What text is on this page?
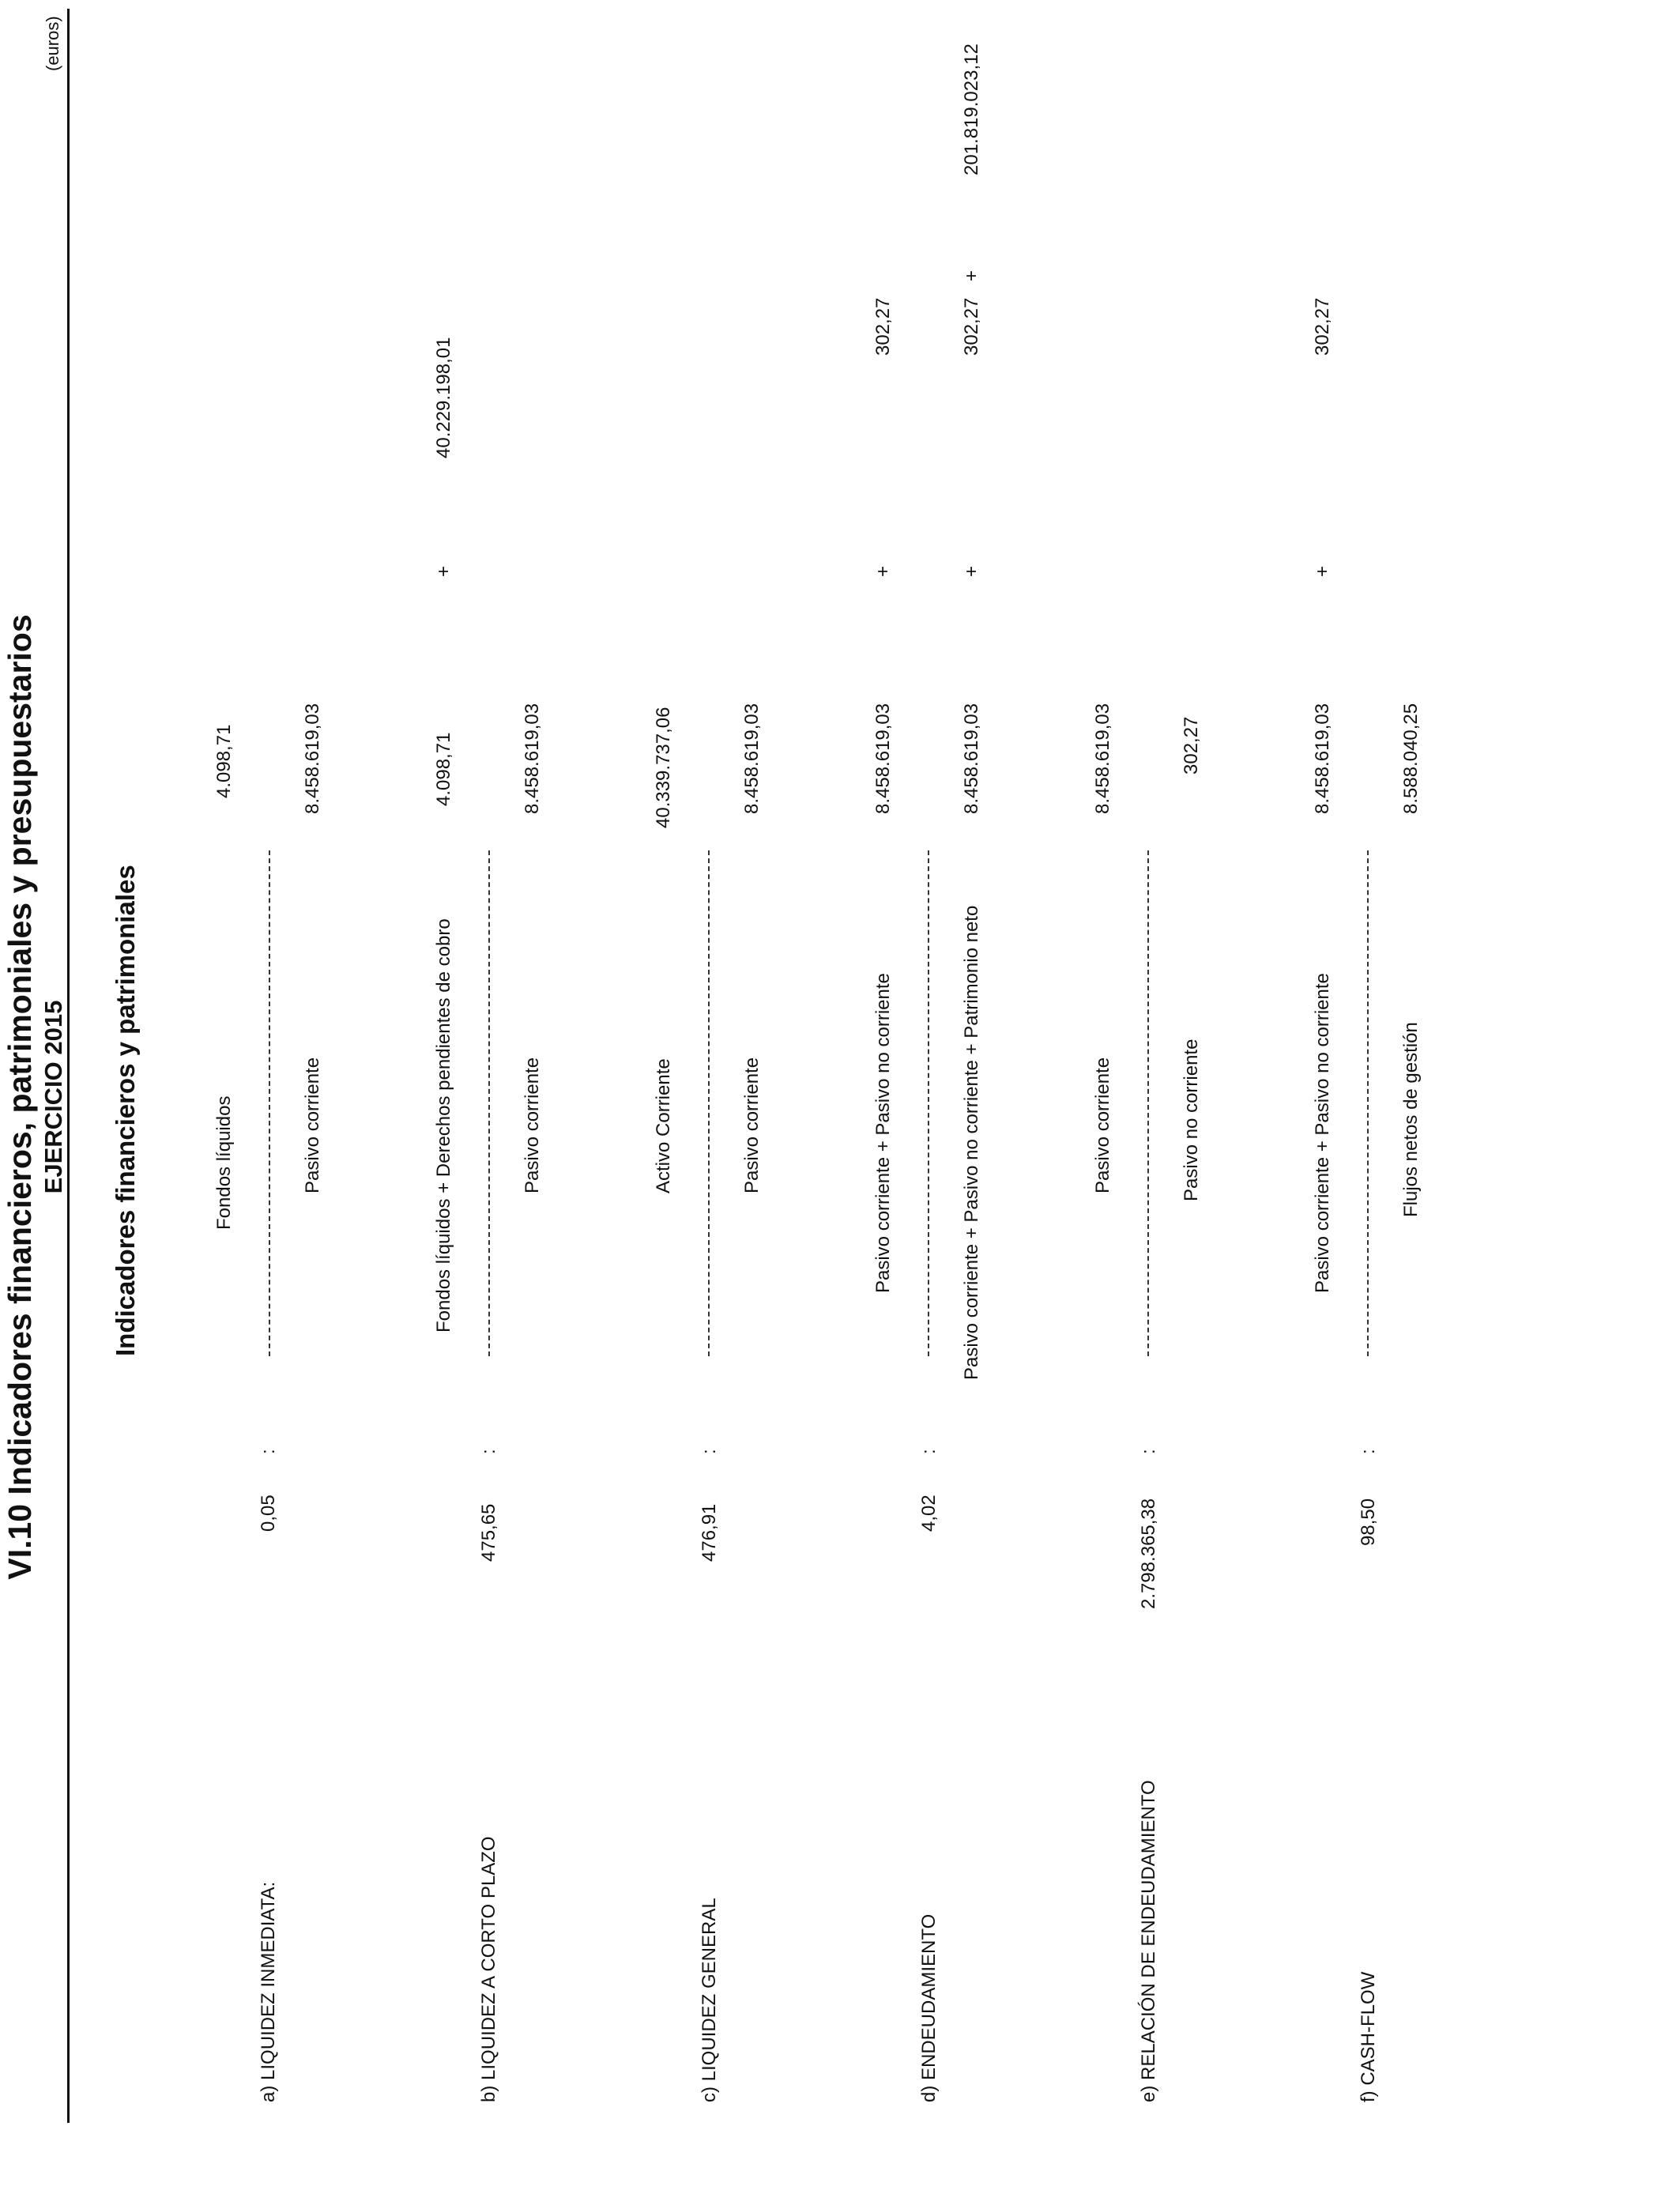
VI.10 Indicadores financieros, patrimoniales y presupuestarios EJERCICIO 2015
(euros)
Indicadores financieros y patrimoniales
a) LIQUIDEZ INMEDIATA:
0,05
:
Fondos líquidos
4.098,71
Pasivo corriente
8.458.619,03
b) LIQUIDEZ A CORTO PLAZO
475,65
:
Fondos líquidos + Derechos pendientes de cobro
4.098,71
+
40.229.198,01
Pasivo corriente
8.458.619,03
c) LIQUIDEZ GENERAL
476,91
:
Activo Corriente
40.339.737,06
Pasivo corriente
8.458.619,03
d) ENDEUDAMIENTO
4,02
:
Pasivo corriente + Pasivo no corriente
8.458.619,03
+
302,27
Pasivo corriente + Pasivo no corriente + Patrimonio neto
8.458.619,03
+
302,27
+
201.819.023,12
e) RELACIÓN DE ENDEUDAMIENTO
2.798.365,38
:
Pasivo corriente
8.458.619,03
Pasivo no corriente
302,27
f) CASH-FLOW
98,50
:
Pasivo corriente + Pasivo no corriente
8.458.619,03
+
302,27
Flujos netos de gestión
8.588.040,25
